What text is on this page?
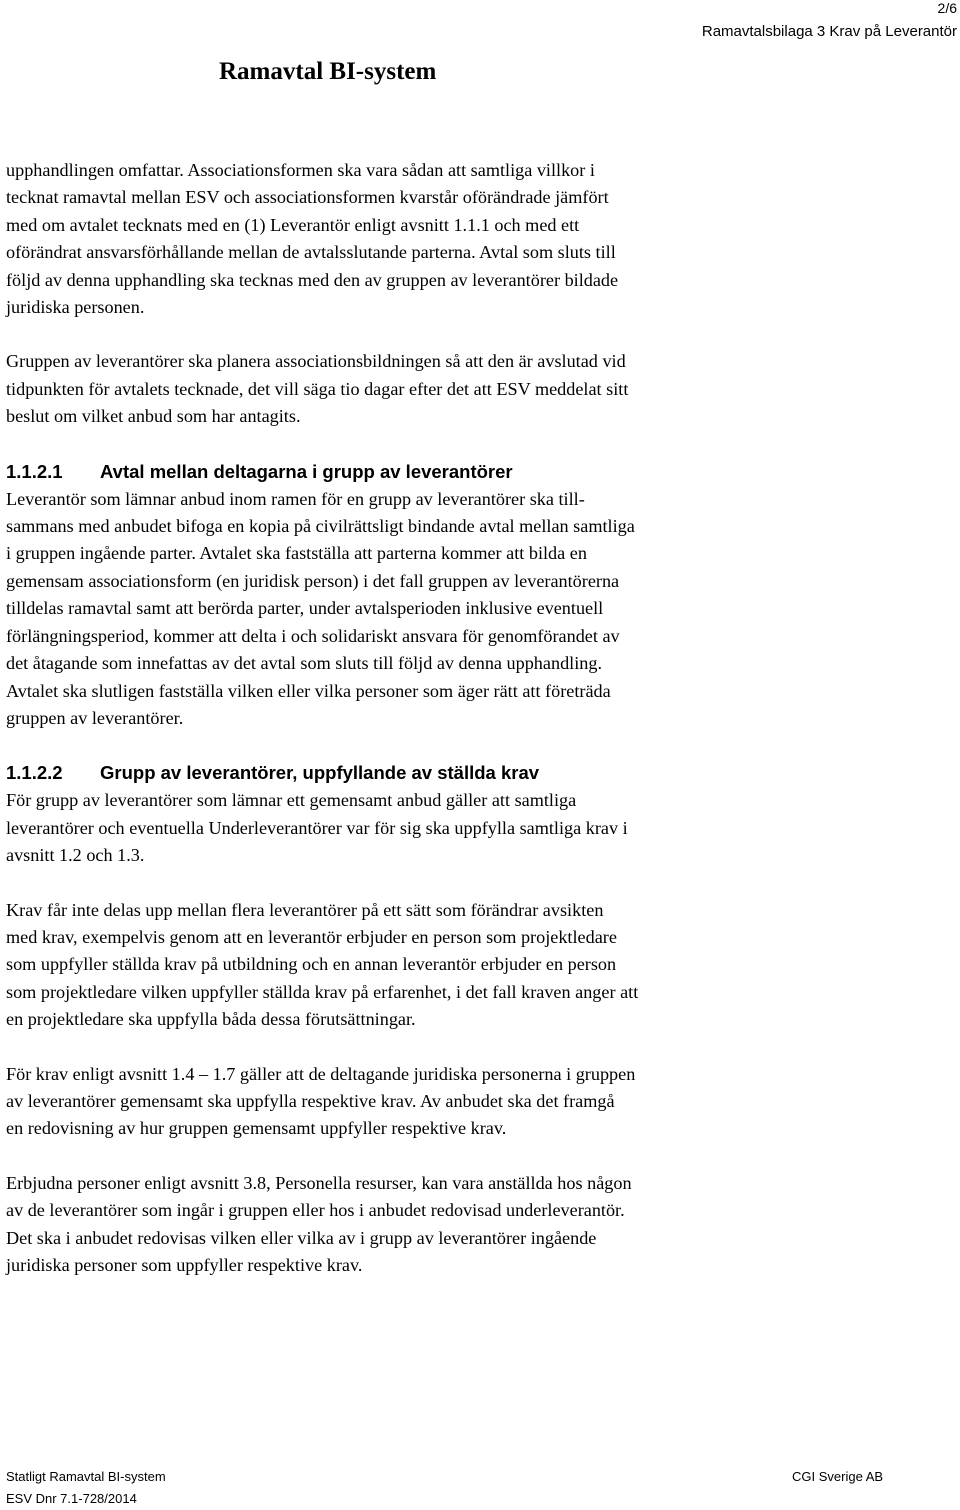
2/6
Ramavtalsbilaga 3 Krav på Leverantör
Ramavtal BI-system

upphandlingen omfattar. Associationsformen ska vara sådan att samtliga villkor i
tecknat ramavtal mellan ESV och associationsformen kvarstår oförändrade jämfört
med om avtalet tecknats med en (1) Leverantör enligt avsnitt 1.1.1 och med ett
oförändrat ansvarsförhållande mellan de avtalsslutande parterna. Avtal som sluts till
följd av denna upphandling ska tecknas med den av gruppen av leverantörer bildade
juridiska personen.

Gruppen av leverantörer ska planera associationsbildningen så att den är avslutad vid
tidpunkten för avtalets tecknade, det vill säga tio dagar efter det att ESV meddelat sitt
beslut om vilket anbud som har antagits.

1.1.2.1 Avtal mellan deltagarna i grupp av leverantörer

Leverantör som lämnar anbud inom ramen för en grupp av leverantörer ska till-
sammans med anbudet bifoga en kopia på civilrättsligt bindande avtal mellan samtliga
i gruppen ingående parter. Avtalet ska fastställa att parterna kommer att bilda en
gemensam associationsform (en juridisk person) i det fall gruppen av leverantörerna
tilldelas ramavtal samt att berörda parter, under avtalsperioden inklusive eventuell
förlängningsperiod, kommer att delta i och solidariskt ansvara för genomförandet av
det åtagande som innefattas av det avtal som sluts till följd av denna upphandling.
Avtalet ska slutligen fastställa vilken eller vilka personer som äger rätt att företräda
gruppen av leverantörer.

1.1.2.2 Grupp av leverantörer, uppfyllande av ställda krav

För grupp av leverantörer som lämnar ett gemensamt anbud gäller att samtliga
leverantörer och eventuella Underleverantörer var för sig ska uppfylla samtliga krav i
avsnitt 1.2 och 1.3.

Krav får inte delas upp mellan flera leverantörer på ett sätt som förändrar avsikten
med krav, exempelvis genom att en leverantör erbjuder en person som projektledare
som uppfyller ställda krav på utbildning och en annan leverantör erbjuder en person
som projektledare vilken uppfyller ställda krav på erfarenhet, i det fall kraven anger att
en projektledare ska uppfylla båda dessa förutsättningar.

För krav enligt avsnitt 1.4 – 1.7 gäller att de deltagande juridiska personerna i gruppen
av leverantörer gemensamt ska uppfylla respektive krav. Av anbudet ska det framgå
en redovisning av hur gruppen gemensamt uppfyller respektive krav.

Erbjudna personer enligt avsnitt 3.8, Personella resurser, kan vara anställda hos någon
av de leverantörer som ingår i gruppen eller hos i anbudet redovisad underleverantör.
Det ska i anbudet redovisas vilken eller vilka av i grupp av leverantörer ingående
juridiska personer som uppfyller respektive krav.

Statligt Ramavtal BI-system
ESV Dnr 7.1-728/2014
CGI Sverige AB
